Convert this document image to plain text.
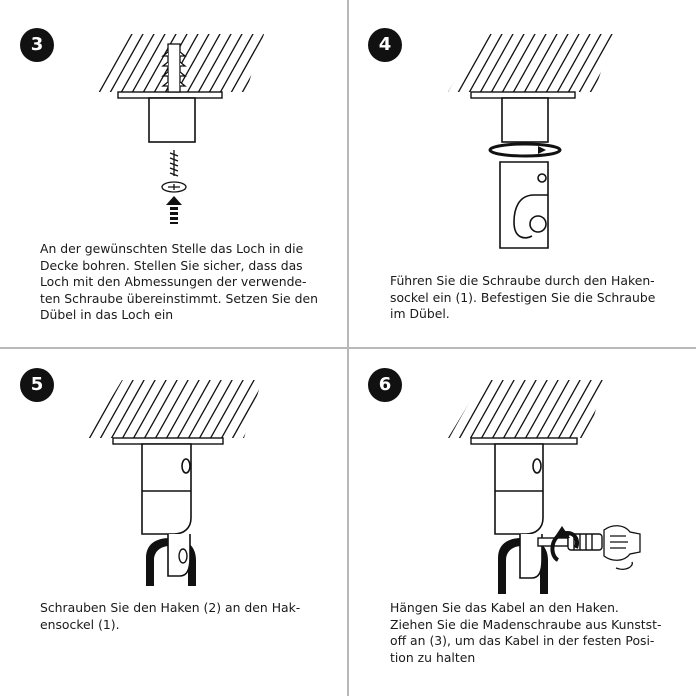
3
An der gewünschten Stelle das Loch in die
Decke bohren. Stellen Sie sicher, dass das
Loch mit den Abmessungen der verwende-
ten Schraube übereinstimmt. Setzen Sie den
Dübel in das Loch ein
4
Führen Sie die Schraube durch den Haken-
sockel ein (1). Befestigen Sie die Schraube
im Dübel.
5
Schrauben Sie den Haken (2) an den Hak-
ensockel (1).
6
Hängen Sie das Kabel an den Haken.
Ziehen Sie die Madenschraube aus Kunstst-
off an (3), um das Kabel in der festen Posi-
tion zu halten
